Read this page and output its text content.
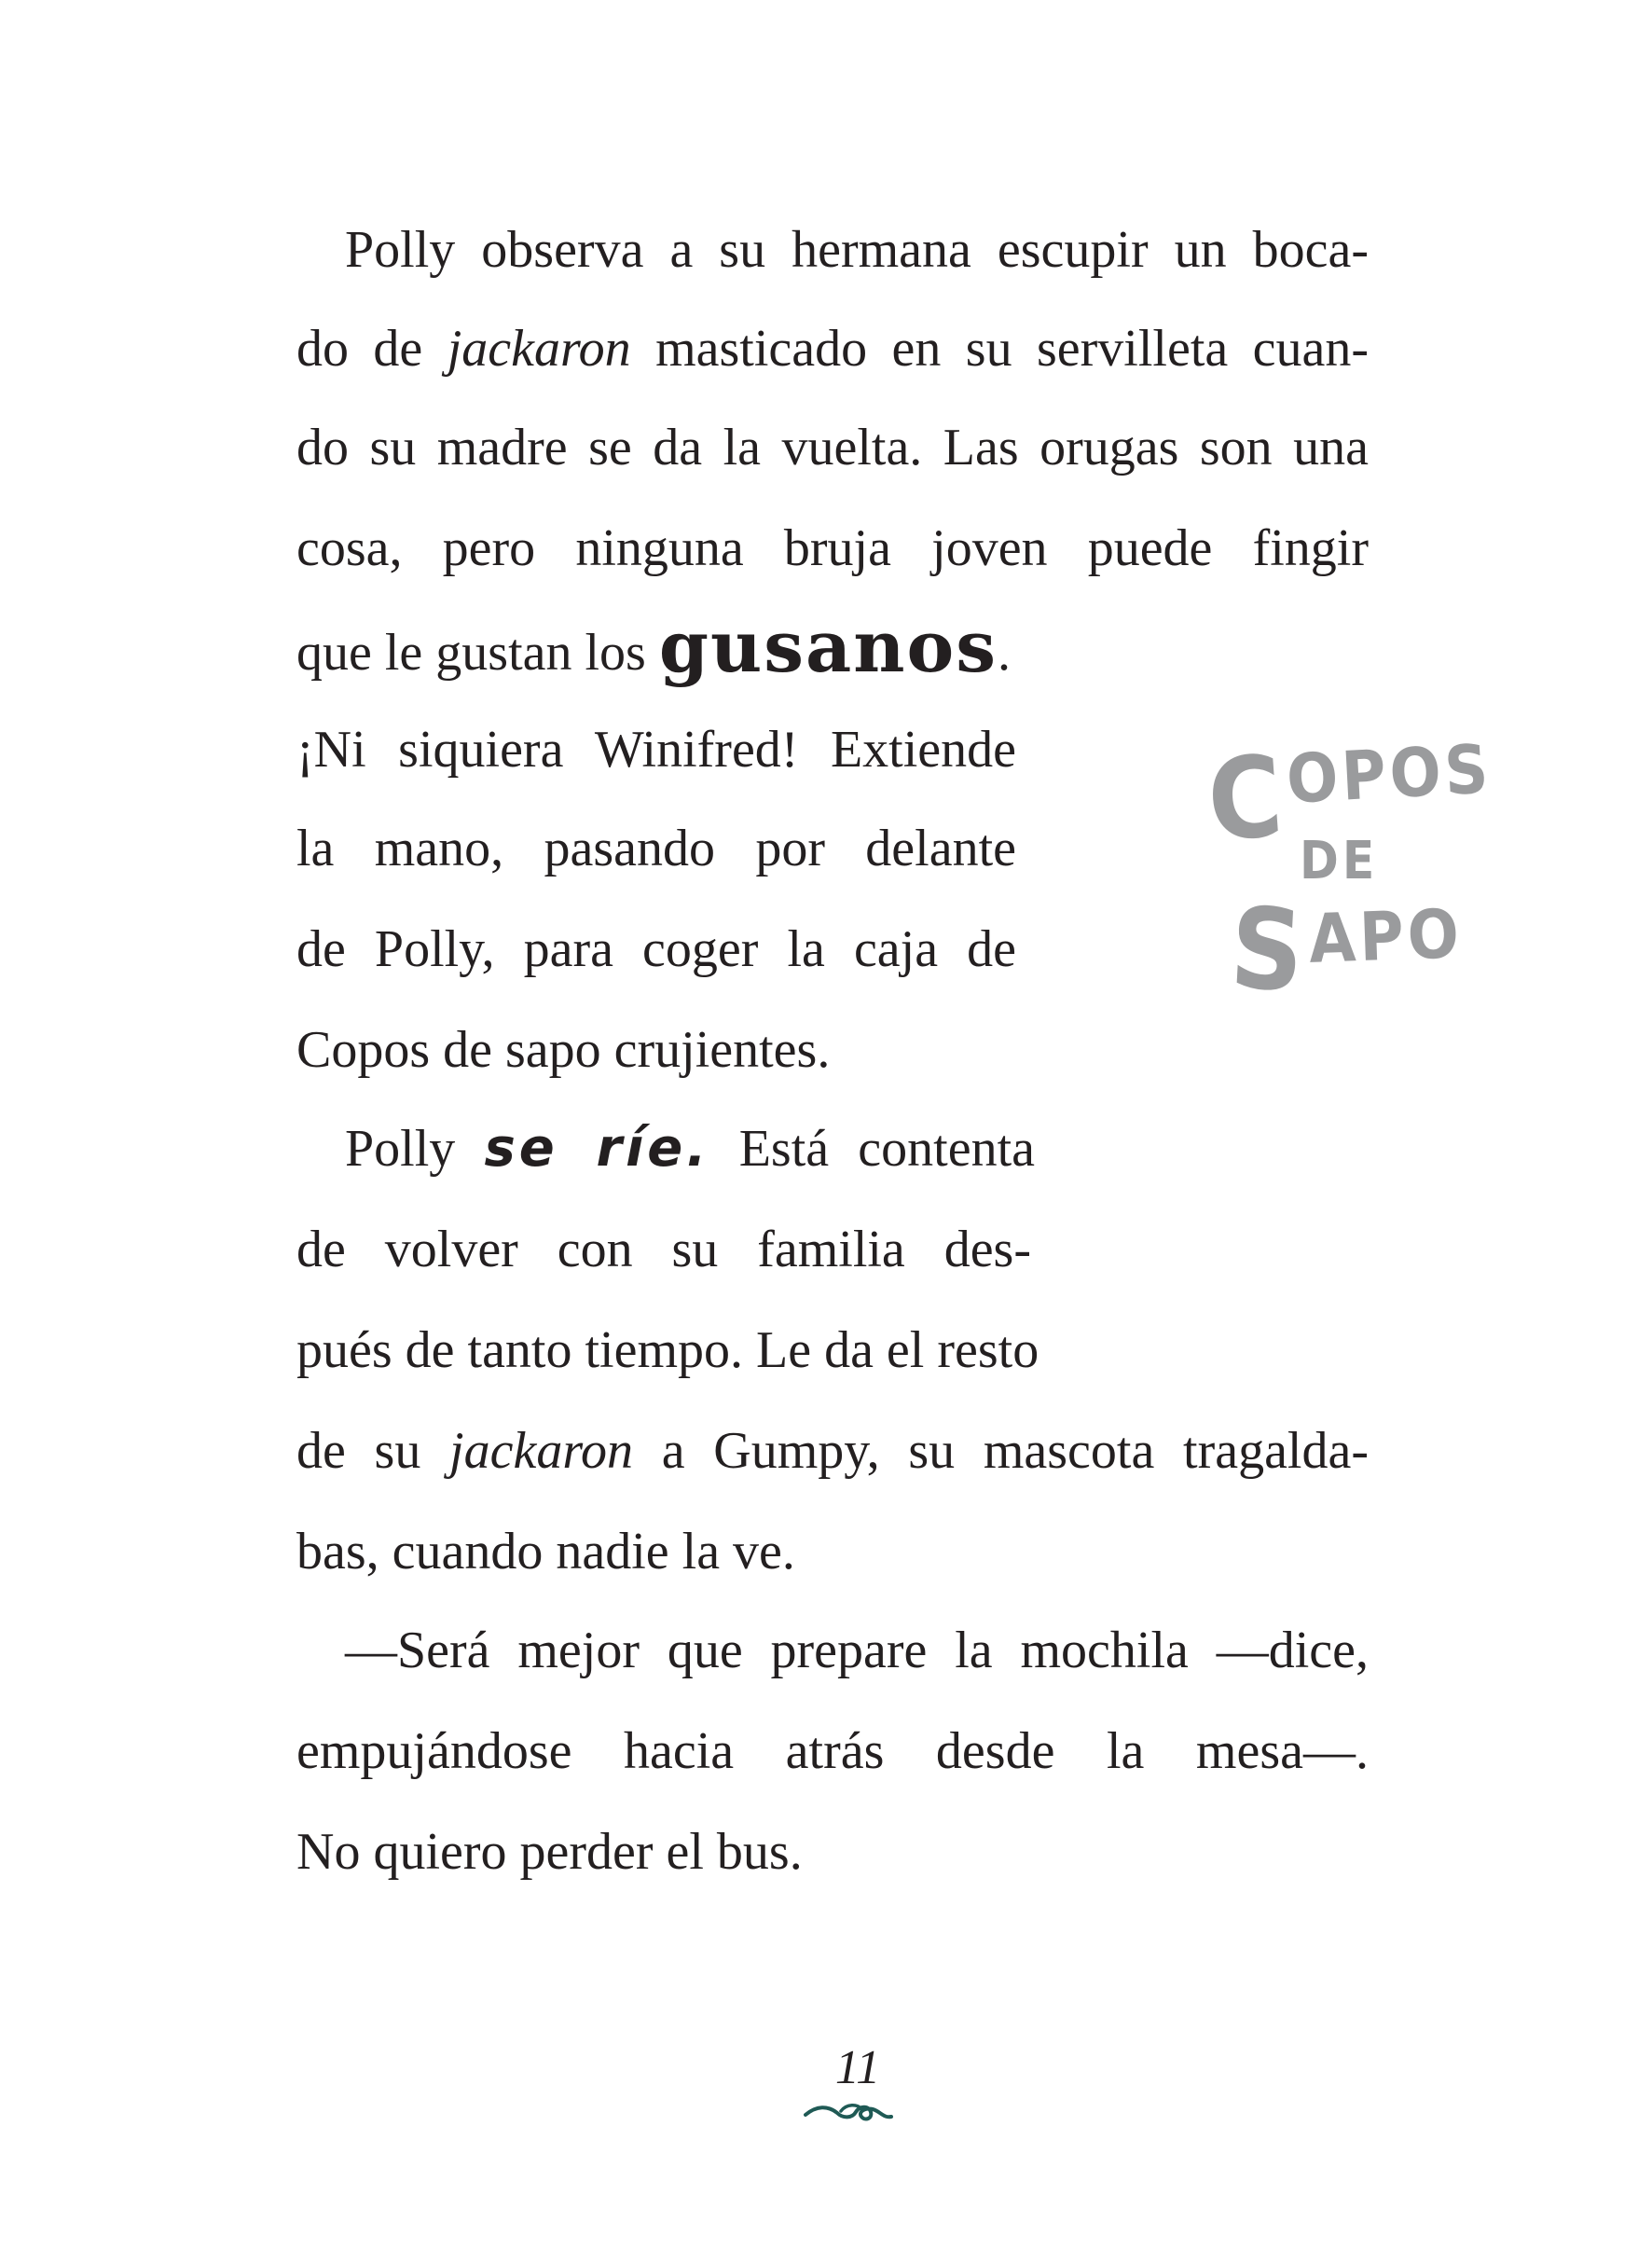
Polly observa a su hermana escupir un boca-
do de jackaron masticado en su servilleta cuan-
do su madre se da la vuelta. Las orugas son una
cosa, pero ninguna bruja joven puede fingir
que le gustan los gusanos.
¡Ni siquiera Winifred! Extiende
la mano, pasando por delante
de Polly, para coger la caja de
Copos de sapo crujientes.
Polly se ríe. Está contenta
de volver con su familia des-
pués de tanto tiempo. Le da el resto
de su jackaron a Gumpy, su mascota tragalda-
bas, cuando nadie la ve.
—Será mejor que prepare la mochila —dice,
empujándose hacia atrás desde la mesa—.
No quiero perder el bus.
C
OPOS
DE
S APO
11
